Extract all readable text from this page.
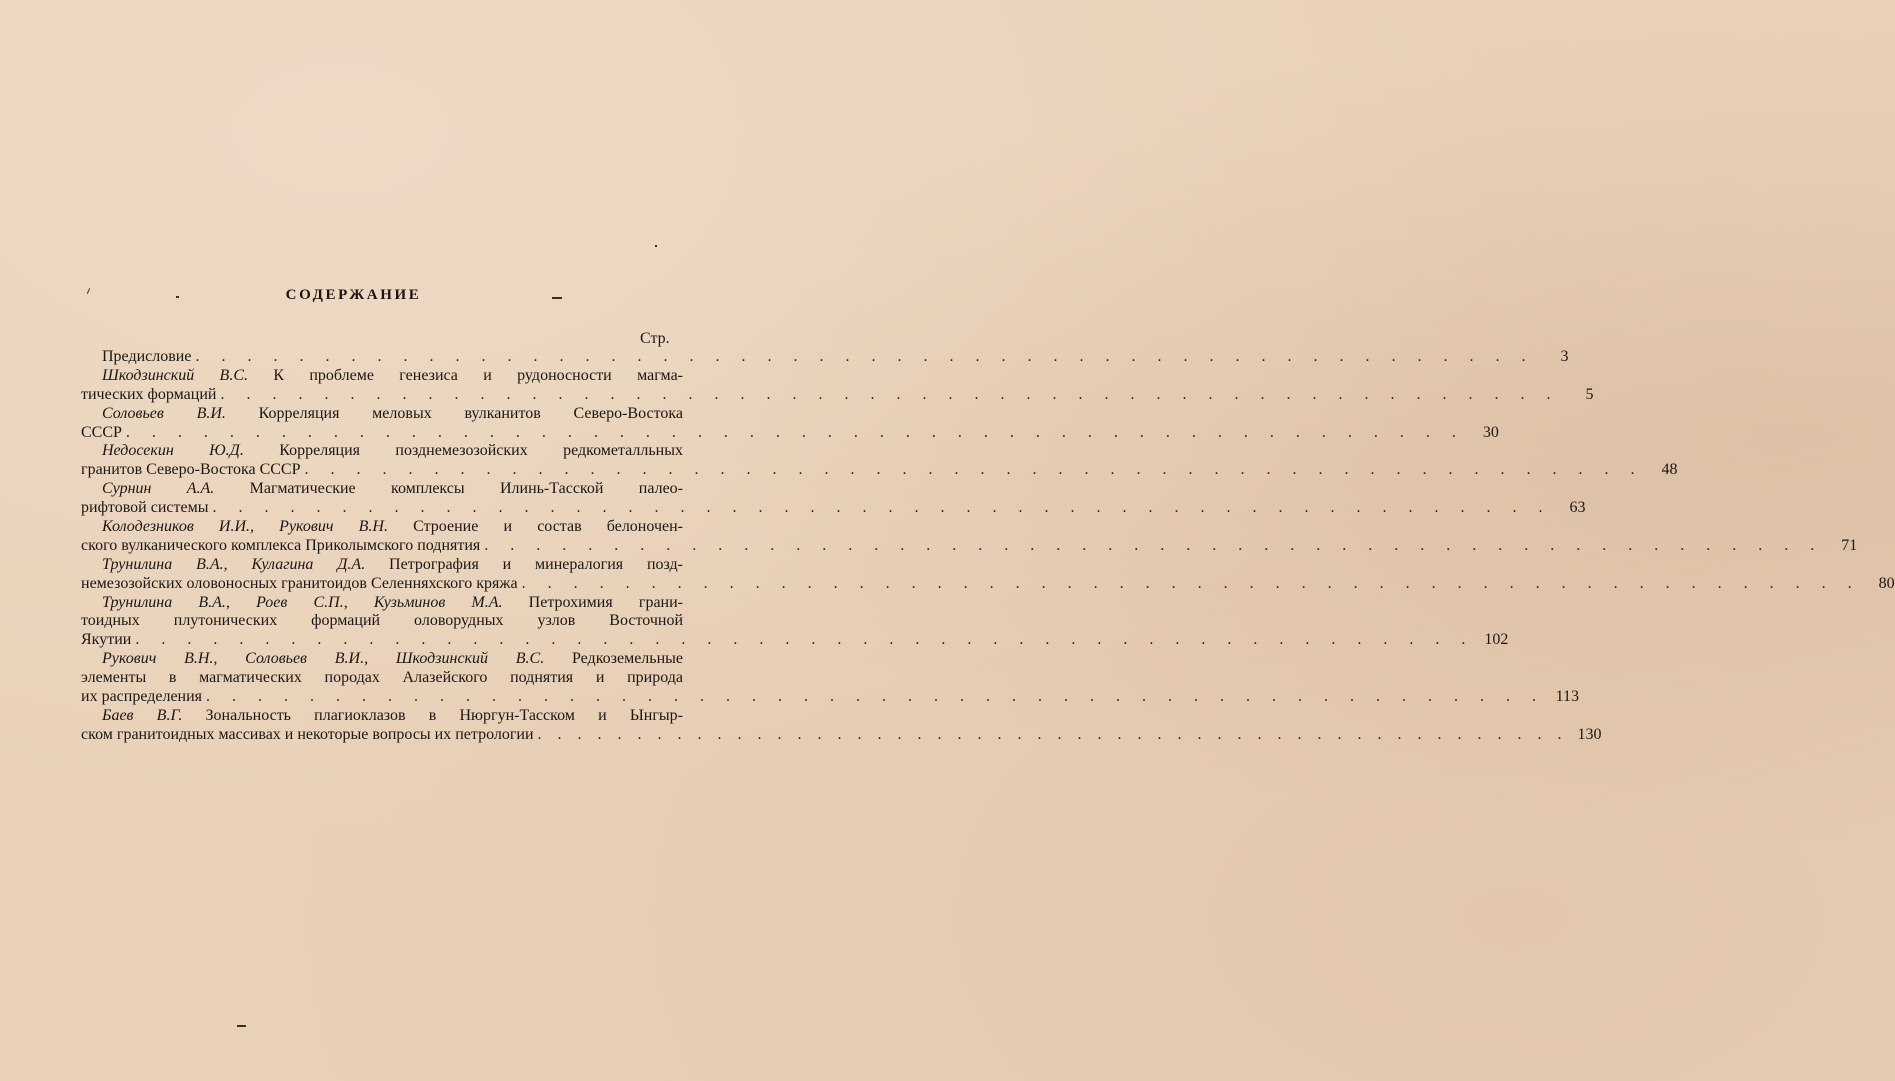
СОДЕРЖАНИЕ
Стр.
Предисловие . . . . . . . . . . . . . . . . . . . . . . . . . . . . . . . . . . . . . . . . . . . . . . . . . . . .	3
Шкодзинский В.С. К проблеме генезиса и рудоносности магма-
тических формаций . . . . . . . . . . . . . . . . . . . . . . . . . . . . . . . . . . . . . . . . . . . . . . . . . . . .	5
Соловьев В.И. Корреляция меловых вулканитов Северо-Востока
СССР . . . . . . . . . . . . . . . . . . . . . . . . . . . . . . . . . . . . . . . . . . . . . . . . . . . .	30
Недосекин Ю.Д. Корреляция позднемезозойских редкометалльных
гранитов Северо-Востока СССР . . . . . . . . . . . . . . . . . . . . . . . . . . . . . . . . . . . . . . . . . . . . . . . . . . . .	48
Сурнин А.А. Магматические комплексы Илинь-Тасской палео-
рифтовой системы . . . . . . . . . . . . . . . . . . . . . . . . . . . . . . . . . . . . . . . . . . . . . . . . . . . .	63
Колодезников И.И., Рукович В.Н. Строение и состав белоночен-
ского вулканического комплекса Приколымского поднятия . . . . . . . . . . . . . . . . . . . . . . . . . . . . . . . . . . . . . . . . . . . . . . . . . . . .	71
Трунилина В.А., Кулагина Д.А. Петрография и минералогия позд-
немезозойских оловоносных гранитоидов Селенняхского кряжа . . . . . . . . . . . . . . . . . . . . . . . . . . . . . . . . . . . . . . . . . . . . . . . . . . . .	80
Трунилина В.А., Роев С.П., Кузьминов М.А. Петрохимия грани-
тоидных плутонических формаций оловорудных узлов Восточной
Якутии . . . . . . . . . . . . . . . . . . . . . . . . . . . . . . . . . . . . . . . . . . . . . . . . . . . . 102
Рукович В.Н., Соловьев В.И., Шкодзинский В.С. Редкоземельные
элементы в магматических породах Алазейского поднятия и природа
их распределения . . . . . . . . . . . . . . . . . . . . . . . . . . . . . . . . . . . . . . . . . . . . . . . . . . . . 113
Баев В.Г. Зональность плагиоклазов в Нюргун-Тасском и Ынгыр-
ском гранитоидных массивах и некоторые вопросы их петрологии . . . . . . . . . . . . . . . . . . . . . . . . . . . . . . . . . . . . . . . . . . . . . . . . . . . . 130
